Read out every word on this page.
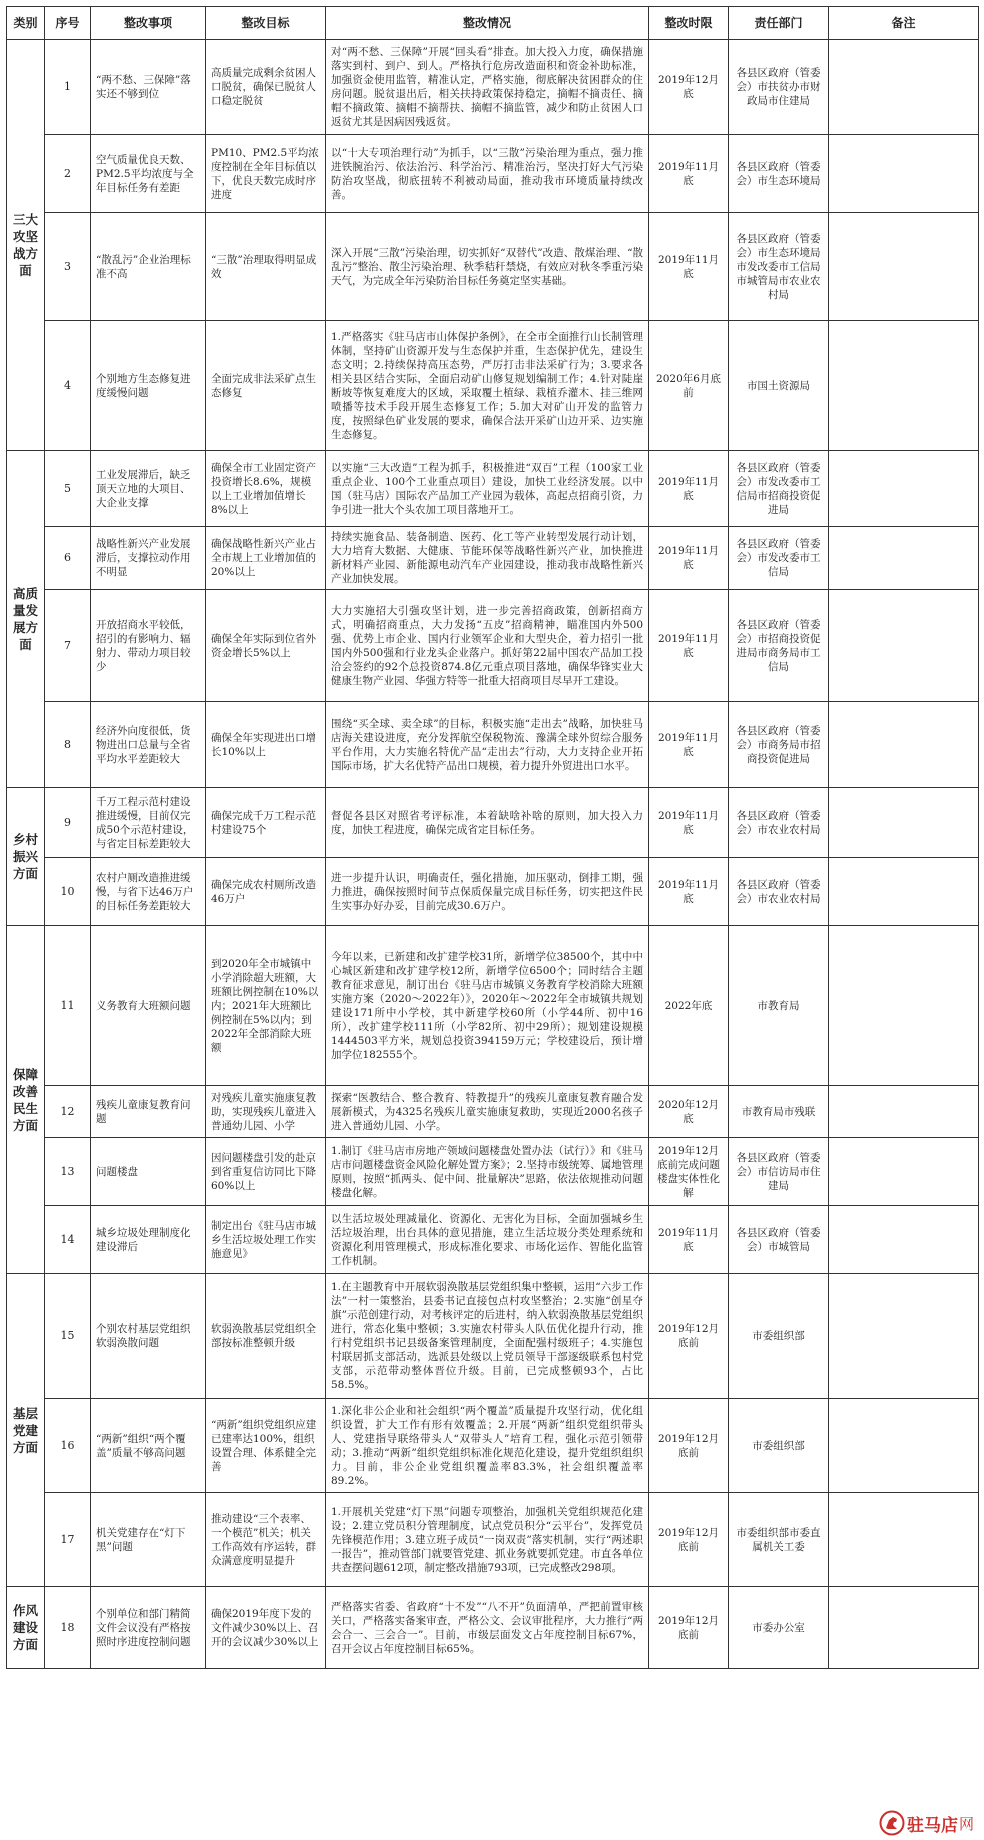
类别	序号	整改事项	整改目标	整改情况	整改时限	责任部门	备注
三大攻坚战方面	1	“两不愁、三保障”落实还不够到位	高质量完成剩余贫困人口脱贫，确保已脱贫人口稳定脱贫	对“两不愁、三保障”开展“回头看”排查。加大投入力度，确保措施落实到村、到户、到人。严格执行危房改造面积和资金补助标准，加强资金使用监管，精准认定，严格实施，彻底解决贫困群众的住房问题。脱贫退出后，相关扶持政策保持稳定，摘帽不摘责任、摘帽不摘政策、摘帽不摘帮扶、摘帽不摘监管，减少和防止贫困人口返贫尤其是因病因残返贫。	2019年12月底	各县区政府（管委会）市扶贫办市财政局市住建局	
	2	空气质量优良天数、PM2.5平均浓度与全年目标任务有差距	PM10、PM2.5平均浓度控制在全年目标值以下，优良天数完成时序进度	以“十大专项治理行动”为抓手，以“三散”污染治理为重点，强力推进铁腕治污、依法治污、科学治污、精准治污，坚决打好大气污染防治攻坚战，彻底扭转不利被动局面，推动我市环境质量持续改善。	2019年11月底	各县区政府（管委会）市生态环境局	
	3	“散乱污”企业治理标准不高	“三散”治理取得明显成效	深入开展“三散”污染治理，切实抓好“双替代”改造、散煤治理、“散乱污”整治、散尘污染治理、秋季秸秆禁烧，有效应对秋冬季重污染天气，为完成全年污染防治目标任务奠定坚实基础。	2019年11月底	各县区政府（管委会）市生态环境局市发改委市工信局市城管局市农业农村局	
	4	个别地方生态修复进度缓慢问题	全面完成非法采矿点生态修复	1.严格落实《驻马店市山体保护条例》，在全市全面推行山长制管理体制，坚持矿山资源开发与生态保护并重，生态保护优先，建设生态文明；2.持续保持高压态势，严厉打击非法采矿行为；3.要求各相关县区结合实际，全面启动矿山修复规划编制工作；4.针对陡崖断坡等恢复难度大的区域，采取覆土植绿、栽植乔灌木、挂三维网喷播等技术手段开展生态修复工作；5.加大对矿山开发的监管力度，按照绿色矿业发展的要求，确保合法开采矿山边开采、边实施生态修复。	2020年6月底前	市国土资源局	
高质量发展方面	5	工业发展滞后，缺乏顶天立地的大项目、大企业支撑	确保全市工业固定资产投资增长8.6%，规模以上工业增加值增长8%以上	以实施“三大改造”工程为抓手，积极推进“双百”工程（100家工业重点企业、100个工业重点项目）建设，加快工业经济发展。以中国（驻马店）国际农产品加工产业园为载体，高起点招商引资，力争引进一批大个头农加工项目落地开工。	2019年11月底	各县区政府（管委会）市发改委市工信局市招商投资促进局	
	6	战略性新兴产业发展滞后，支撑拉动作用不明显	确保战略性新兴产业占全市规上工业增加值的20%以上	持续实施食品、装备制造、医药、化工等产业转型发展行动计划，大力培育大数据、大健康、节能环保等战略性新兴产业，加快推进新材料产业园、新能源电动汽车产业园建设，推动我市战略性新兴产业加快发展。	2019年11月底	各县区政府（管委会）市发改委市工信局	
	7	开放招商水平较低，招引的有影响力、辐射力、带动力项目较少	确保全年实际到位省外资金增长5%以上	大力实施招大引强攻坚计划，进一步完善招商政策，创新招商方式，明确招商重点，大力发扬“五皮”招商精神，瞄准国内外500强、优势上市企业、国内行业领军企业和大型央企，着力招引一批国内外500强和行业龙头企业落户。抓好第22届中国农产品加工投洽会签约的92个总投资874.8亿元重点项目落地，确保华锋实业大健康生物产业园、华强方特等一批重大招商项目尽早开工建设。	2019年11月底	各县区政府（管委会）市招商投资促进局市商务局市工信局	
	8	经济外向度很低，货物进出口总量与全省平均水平差距较大	确保全年实现进出口增长10%以上	围绕“买全球、卖全球”的目标，积极实施“走出去”战略，加快驻马店海关建设进度，充分发挥航空保税物流、豫满全球外贸综合服务平台作用，大力实施名特优产品“走出去”行动，大力支持企业开拓国际市场，扩大名优特产品出口规模，着力提升外贸进出口水平。	2019年11月底	各县区政府（管委会）市商务局市招商投资促进局	
乡村振兴方面	9	千万工程示范村建设推进缓慢，目前仅完成50个示范村建设，与省定目标差距较大	确保完成千万工程示范村建设75个	督促各县区对照省考评标准，本着缺啥补啥的原则，加大投入力度，加快工程进度，确保完成省定目标任务。	2019年11月底	各县区政府（管委会）市农业农村局	
	10	农村户厕改造推进缓慢，与省下达46万户的目标任务差距较大	确保完成农村厕所改造46万户	进一步提升认识，明确责任，强化措施，加压驱动，倒排工期，强力推进，确保按照时间节点保质保量完成目标任务，切实把这件民生实事办好办妥，目前完成30.6万户。	2019年11月底	各县区政府（管委会）市农业农村局	
保障改善民生方面	11	义务教育大班额问题	到2020年全市城镇中小学消除超大班额，大班额比例控制在10%以内；2021年大班额比例控制在5%以内；到2022年全部消除大班额	今年以来，已新建和改扩建学校31所，新增学位38500个，其中中心城区新建和改扩建学校12所，新增学位6500个；同时结合主题教育征求意见，制订出台《驻马店市城镇义务教育学校消除大班额实施方案（2020～2022年）》，2020年～2022年全市城镇共规划建设171所中小学校，其中新建学校60所（小学44所、初中16所），改扩建学校111所（小学82所、初中29所）；规划建设规模1444503平方米，规划总投资394159万元；学校建设后，预计增加学位182555个。	2022年底	市教育局	
	12	残疾儿童康复教育问题	对残疾儿童实施康复教助，实现残疾儿童进入普通幼儿园、小学	探索“医教结合、整合教育、特教提升”的残疾儿童康复教育融合发展新模式，为4325名残疾儿童实施康复救助，实现近2000名孩子进入普通幼儿园、小学。	2020年12月底	市教育局市残联	
	13	问题楼盘	因问题楼盘引发的赴京到省重复信访同比下降60%以上	1.制订《驻马店市房地产领域问题楼盘处置办法（试行）》和《驻马店市问题楼盘资金风险化解处置方案》；2.坚持市级统筹、属地管理原则，按照“抓两头、促中间、批量解决”思路，依法依规推动问题楼盘化解。	2019年12月底前完成问题楼盘实体性化解	各县区政府（管委会）市信访局市住建局	
	14	城乡垃圾处理制度化建设滞后	制定出台《驻马店市城乡生活垃圾处理工作实施意见》	以生活垃圾处理减量化、资源化、无害化为目标，全面加强城乡生活垃圾治理，出台具体的意见措施，建立生活垃圾分类处理系统和资源化利用管理模式，形成标准化要求、市场化运作、智能化监管工作机制。	2019年11月底	各县区政府（管委会）市城管局	
基层党建方面	15	个别农村基层党组织软弱涣散问题	软弱涣散基层党组织全部按标准整顿升级	1.在主题教育中开展软弱涣散基层党组织集中整顿，运用“六步工作法”一村一策整治，县委书记直接包点村攻坚整治；2.实施“创星夺旗”示范创建行动，对考核评定的后进村，纳入软弱涣散基层党组织进行，常态化集中整顿；3.实施农村带头人队伍优化提升行动，推行村党组织书记县级备案管理制度，全面配强村级班子；4.实施包村联居抓支部活动，选派县处级以上党员领导干部逐级联系包村党支部，示范带动整体晋位升级。目前，已完成整顿93个，占比58.5%。	2019年12月底前	市委组织部	
	16	“两新”组织“两个覆盖”质量不够高问题	“两新”组织党组织应建已建率达100%，组织设置合理、体系健全完善	1.深化非公企业和社会组织“两个覆盖”质量提升攻坚行动，优化组织设置，扩大工作有形有效覆盖；2.开展“两新”组织党组织带头人、党建指导联络带头人“双带头人”培育工程，强化示范引领带动；3.推动“两新”组织党组织标准化规范化建设，提升党组织组织力。目前，非公企业党组织覆盖率83.3%，社会组织覆盖率89.2%。	2019年12月底前	市委组织部	
	17	机关党建存在“灯下黑”问题	推动建设“三个表率、一个模范”机关；机关工作高效有序运转，群众满意度明显提升	1.开展机关党建“灯下黑”问题专项整治，加强机关党组织规范化建设；2.建立党员积分管理制度，试点党员积分“云平台”，发挥党员先锋模范作用；3.建立班子成员“一岗双责”落实机制，实行“两述职一报告”，推动管部门就要管党建、抓业务就要抓党建。市直各单位共查摆问题612项，制定整改措施793项，已完成整改298项。	2019年12月底前	市委组织部市委直属机关工委	
作风建设方面	18	个别单位和部门精简文件会议没有严格按照时序进度控制问题	确保2019年度下发的文件减少30%以上、召开的会议减少30%以上	严格落实省委、省政府“十不发”“八不开”负面清单，严把前置审核关口，严格落实备案审查，严格公文、会议审批程序，大力推行“两会合一、三会合一”。目前，市级层面发文占年度控制目标67%，召开会议占年度控制目标65%。	2019年12月底前	市委办公室	
驻马店 网
